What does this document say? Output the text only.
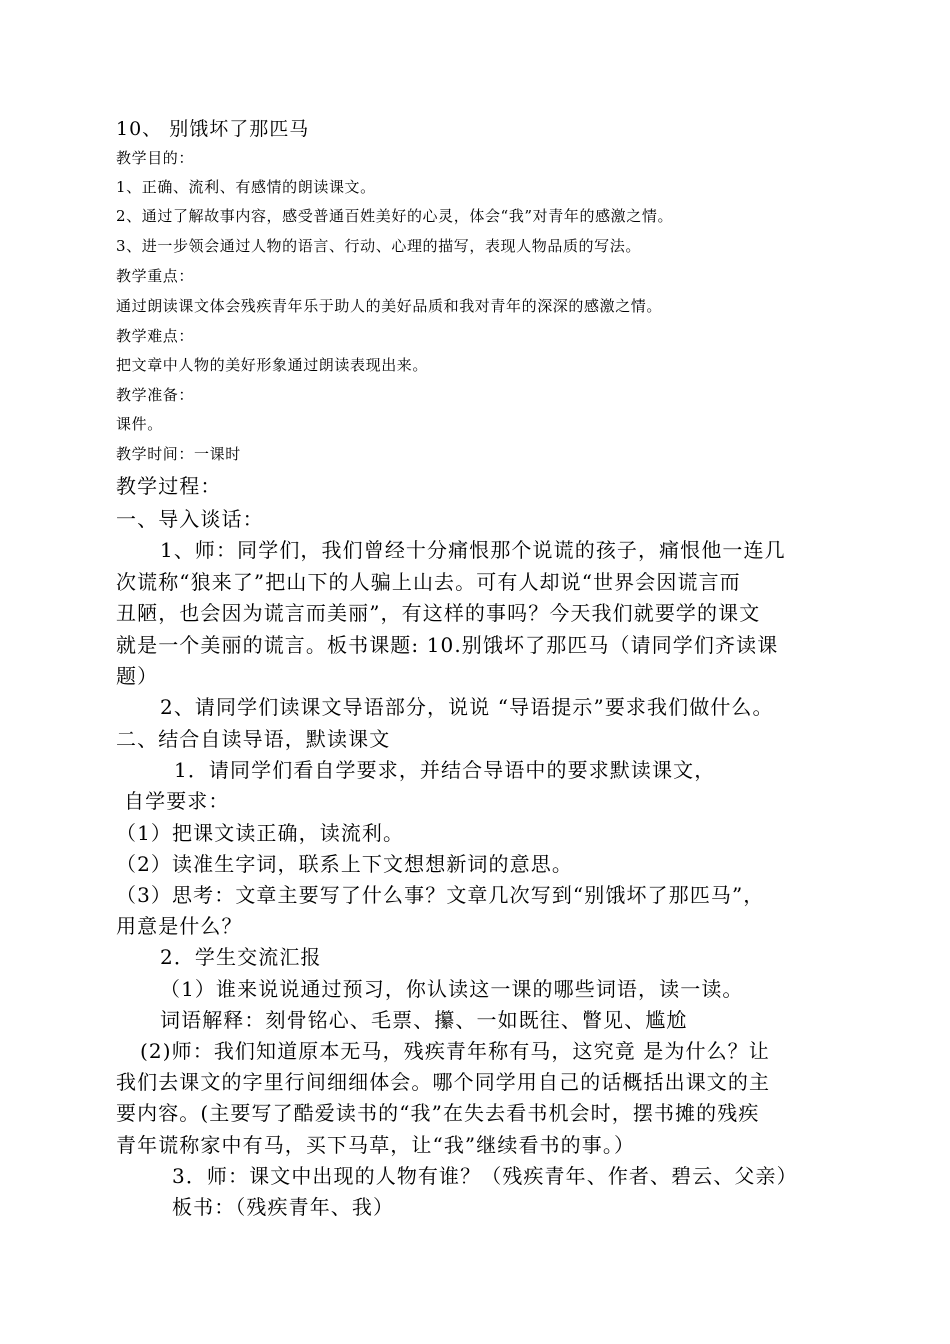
10、 别饿坏了那匹马
教学目的：
1、正确、流利、有感情的朗读课文。
2、通过了解故事内容，感受普通百姓美好的心灵，体会“我”对青年的感激之情。
3、进一步领会通过人物的语言、行动、心理的描写，表现人物品质的写法。
教学重点：
通过朗读课文体会残疾青年乐于助人的美好品质和我对青年的深深的感激之情。
教学难点：
把文章中人物的美好形象通过朗读表现出来。
教学准备：
课件。
教学时间：一课时
教学过程：
一、导入谈话：
1、师：同学们，我们曾经十分痛恨那个说谎的孩子，痛恨他一连几
次谎称“狼来了”把山下的人骗上山去。可有人却说“世界会因谎言而
丑陋，也会因为谎言而美丽”，有这样的事吗？今天我们就要学的课文
就是一个美丽的谎言。板书课题: 10.别饿坏了那匹马（请同学们齐读课
题）
2、请同学们读课文导语部分，说说 “导语提示”要求我们做什么。
二、结合自读导语，默读课文
1．请同学们看自学要求，并结合导语中的要求默读课文，
自学要求：
（1）把课文读正确，读流利。
（2）读准生字词，联系上下文想想新词的意思。
（3）思考：文章主要写了什么事？文章几次写到“别饿坏了那匹马”，
用意是什么？
2．学生交流汇报
（1）谁来说说通过预习，你认读这一课的哪些词语，读一读。
词语解释：刻骨铭心、毛票、攥、一如既往、瞥见、尴尬
(2)师：我们知道原本无马，残疾青年称有马，这究竟 是为什么？让
我们去课文的字里行间细细体会。哪个同学用自己的话概括出课文的主
要内容。(主要写了酷爱读书的“我”在失去看书机会时，摆书摊的残疾
青年谎称家中有马，买下马草，让“我”继续看书的事。）
3．师：课文中出现的人物有谁？（残疾青年、作者、碧云、父亲）
板书：（残疾青年、我）
